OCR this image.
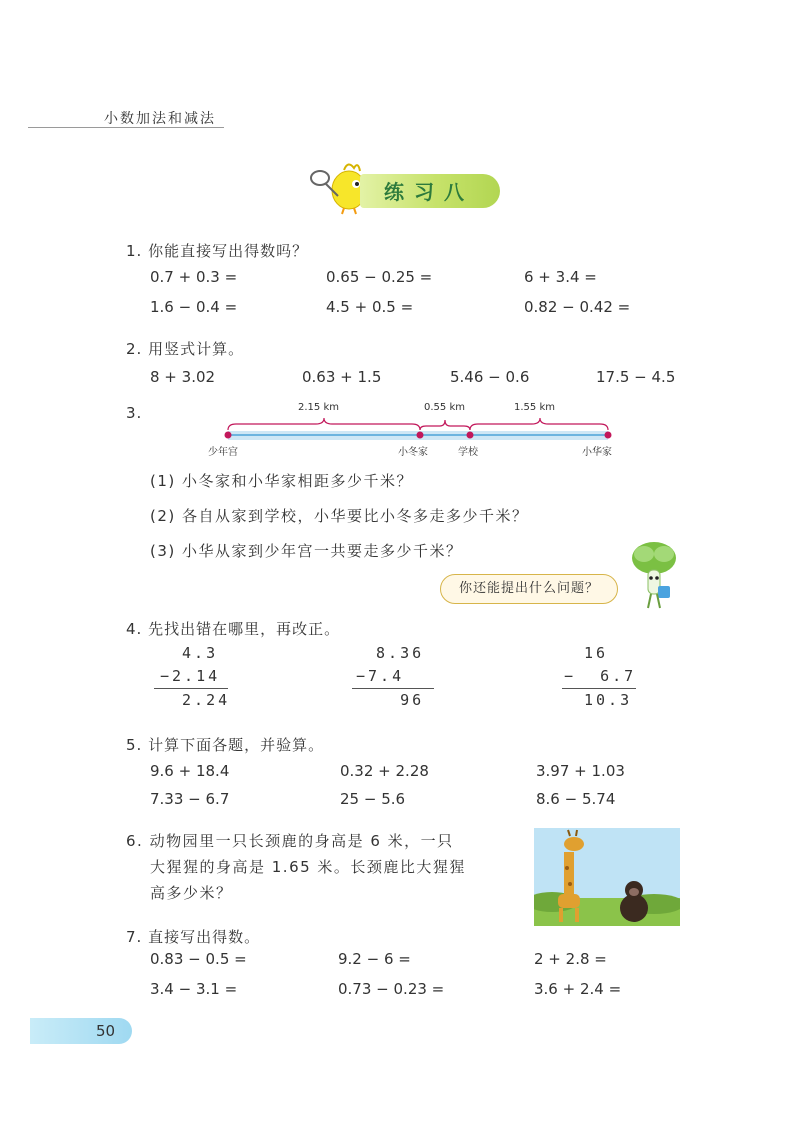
小数加法和减法
练习八
1. 你能直接写出得数吗？
0.7 + 0.3 =	0.65 − 0.25 =	6 + 3.4 =
1.6 − 0.4 =	4.5 + 0.5 =	0.82 − 0.42 =
2. 用竖式计算。
8 + 3.02	0.63 + 1.5	5.46 − 0.6	17.5 − 4.5
3.	2.15 km	0.55 km	1.55 km
少年宫	小冬家	学校	小华家
(1) 小冬家和小华家相距多少千米？
(2) 各自从家到学校，小华要比小冬多走多少千米？
(3) 小华从家到少年宫一共要走多少千米？
你还能提出什么问题？
4. 先找出错在哪里，再改正。
4.3
−2.14
2.24
8.36
−7.4
96
16
−  6.7
10.3
5. 计算下面各题，并验算。
9.6 + 18.4	0.32 + 2.28	3.97 + 1.03
7.33 − 6.7	25 − 5.6	8.6 − 5.74
6. 动物园里一只长颈鹿的身高是 6 米，一只
大猩猩的身高是 1.65 米。长颈鹿比大猩猩
高多少米？
7. 直接写出得数。
0.83 − 0.5 =	9.2 − 6 =	2 + 2.8 =
3.4 − 3.1 =	0.73 − 0.23 =	3.6 + 2.4 =
50
